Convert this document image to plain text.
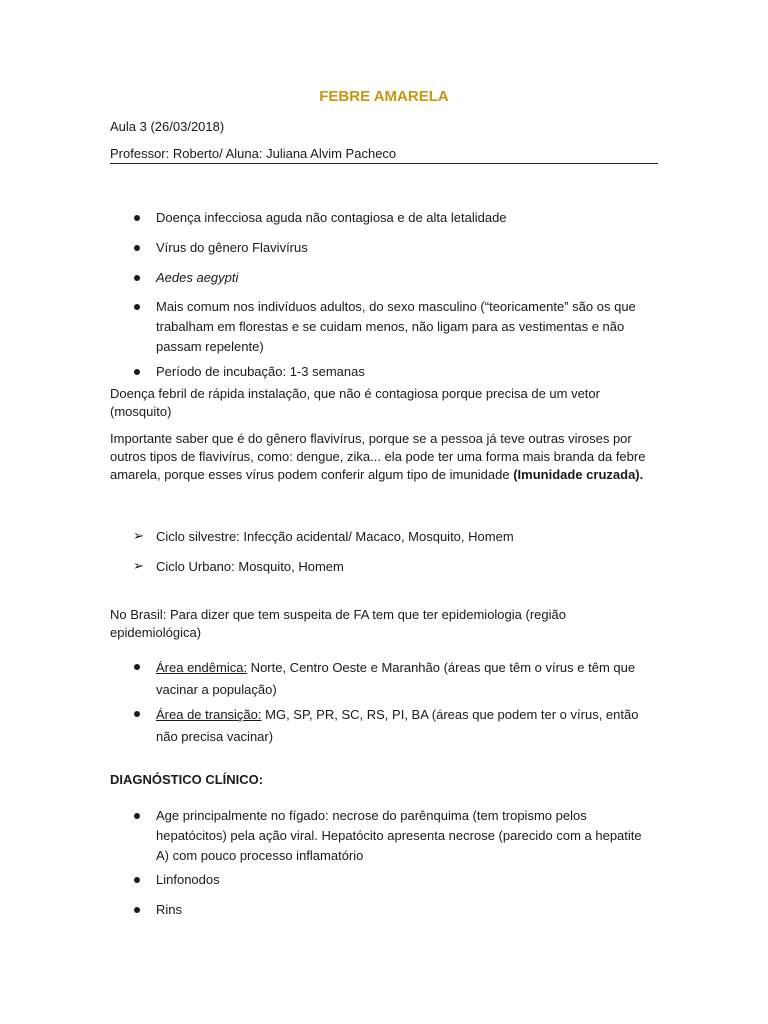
FEBRE AMARELA
Aula 3 (26/03/2018)
Professor: Roberto/ Aluna: Juliana Alvim Pacheco
Doença infecciosa aguda não contagiosa e de alta letalidade
Vírus do gênero Flavivírus
Aedes aegypti
Mais comum nos indivíduos adultos, do sexo masculino (“teoricamente” são os que trabalham em florestas e se cuidam menos, não ligam para as vestimentas e não passam repelente)
Período de incubação: 1-3 semanas
Doença febril de rápida instalação, que não é contagiosa porque precisa de um vetor (mosquito)
Importante saber que é do gênero flavivírus, porque se a pessoa já teve outras viroses por outros tipos de flavivírus, como: dengue, zika... ela pode ter uma forma mais branda da febre amarela, porque esses vírus podem conferir algum tipo de imunidade (Imunidade cruzada).
➢ Ciclo silvestre: Infecção acidental/ Macaco, Mosquito, Homem
➢ Ciclo Urbano: Mosquito, Homem
No Brasil: Para dizer que tem suspeita de FA tem que ter epidemiologia (região epidemiológica)
Área endêmica: Norte, Centro Oeste e Maranhão (áreas que têm o vírus e têm que vacinar a população)
Área de transição: MG, SP, PR, SC, RS, PI, BA (áreas que podem ter o vírus, então não precisa vacinar)
DIAGNÓSTICO CLÍNICO:
Age principalmente no fígado: necrose do parênquima (tem tropismo pelos hepatócitos) pela ação viral. Hepatócito apresenta necrose (parecido com a hepatite A) com pouco processo inflamatório
Linfonodos
Rins
